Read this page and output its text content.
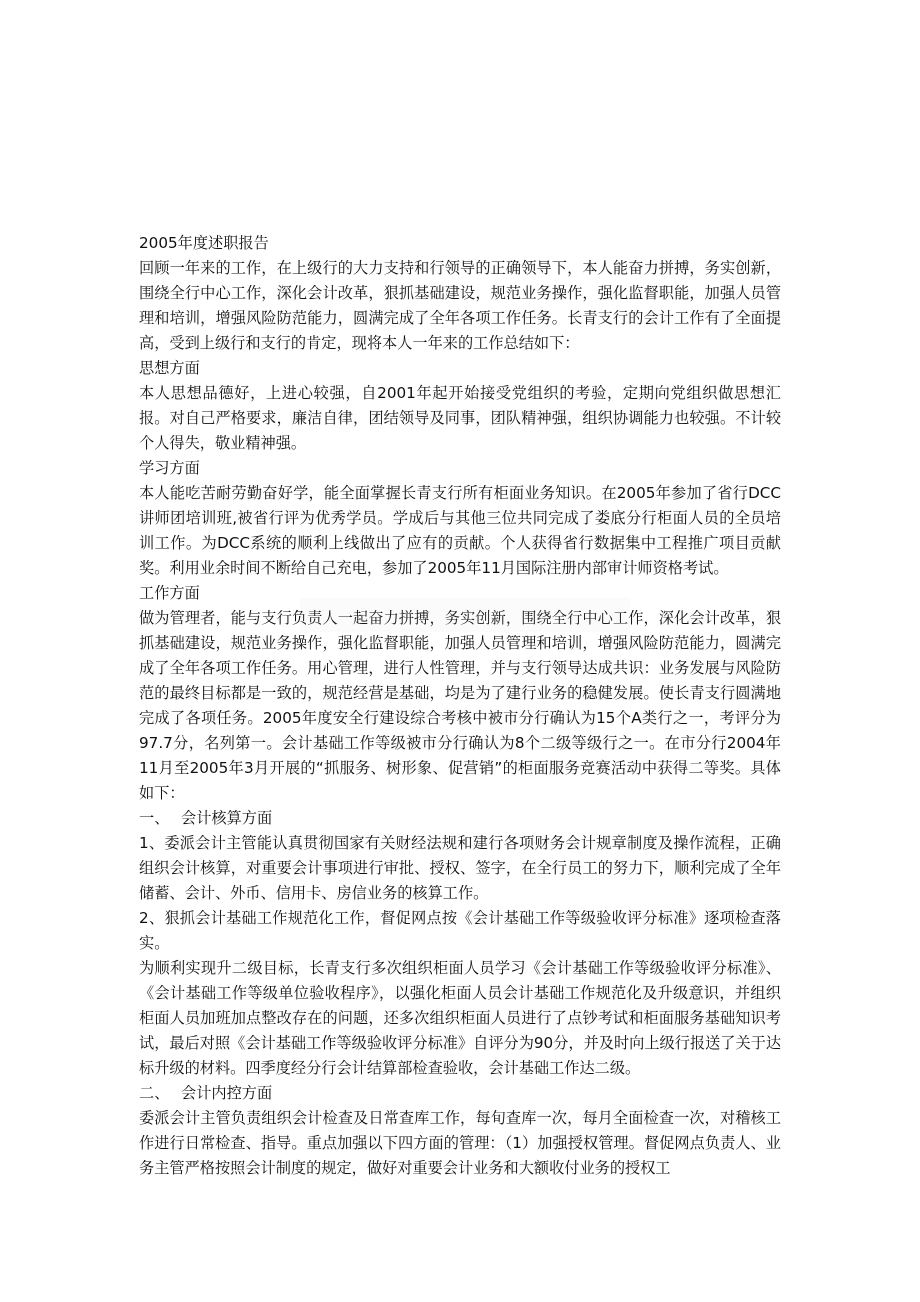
2005年度述职报告

回顾一年来的工作，在上级行的大力支持和行领导的正确领导下，本人能奋力拼搏，务实创新，围绕全行中心工作，深化会计改革，狠抓基础建设，规范业务操作，强化监督职能，加强人员管理和培训，增强风险防范能力，圆满完成了全年各项工作任务。长青支行的会计工作有了全面提高，受到上级行和支行的肯定，现将本人一年来的工作总结如下：

思想方面

本人思想品德好，上进心较强，自2001年起开始接受党组织的考验，定期向党组织做思想汇报。对自己严格要求，廉洁自律，团结领导及同事，团队精神强，组织协调能力也较强。不计较个人得失，敬业精神强。

学习方面

本人能吃苦耐劳勤奋好学，能全面掌握长青支行所有柜面业务知识。在2005年参加了省行DCC讲师团培训班,被省行评为优秀学员。学成后与其他三位共同完成了娄底分行柜面人员的全员培训工作。为DCC系统的顺利上线做出了应有的贡献。个人获得省行数据集中工程推广项目贡献奖。利用业余时间不断给自己充电，参加了2005年11月国际注册内部审计师资格考试。

工作方面

做为管理者，能与支行负责人一起奋力拼搏，务实创新，围绕全行中心工作，深化会计改革，狠抓基础建设，规范业务操作，强化监督职能，加强人员管理和培训，增强风险防范能力，圆满完成了全年各项工作任务。用心管理，进行人性管理，并与支行领导达成共识：业务发展与风险防范的最终目标都是一致的，规范经营是基础，均是为了建行业务的稳健发展。使长青支行圆满地完成了各项任务。2005年度安全行建设综合考核中被市分行确认为15个A类行之一，考评分为97.7分，名列第一。会计基础工作等级被市分行确认为8个二级等级行之一。在市分行2004年11月至2005年3月开展的“抓服务、树形象、促营销”的柜面服务竞赛活动中获得二等奖。具体如下：

一、 会计核算方面

1、委派会计主管能认真贯彻国家有关财经法规和建行各项财务会计规章制度及操作流程，正确组织会计核算，对重要会计事项进行审批、授权、签字，在全行员工的努力下，顺利完成了全年储蓄、会计、外币、信用卡、房信业务的核算工作。

2、狠抓会计基础工作规范化工作，督促网点按《会计基础工作等级验收评分标准》逐项检查落实。

为顺利实现升二级目标，长青支行多次组织柜面人员学习《会计基础工作等级验收评分标准》、《会计基础工作等级单位验收程序》，以强化柜面人员会计基础工作规范化及升级意识，并组织柜面人员加班加点整改存在的问题，还多次组织柜面人员进行了点钞考试和柜面服务基础知识考试，最后对照《会计基础工作等级验收评分标准》自评分为90分，并及时向上级行报送了关于达标升级的材料。四季度经分行会计结算部检查验收，会计基础工作达二级。

二、 会计内控方面

委派会计主管负责组织会计检查及日常查库工作，每旬查库一次，每月全面检查一次，对稽核工作进行日常检查、指导。重点加强以下四方面的管理：（1）加强授权管理。督促网点负责人、业务主管严格按照会计制度的规定，做好对重要会计业务和大额收付业务的授权工
